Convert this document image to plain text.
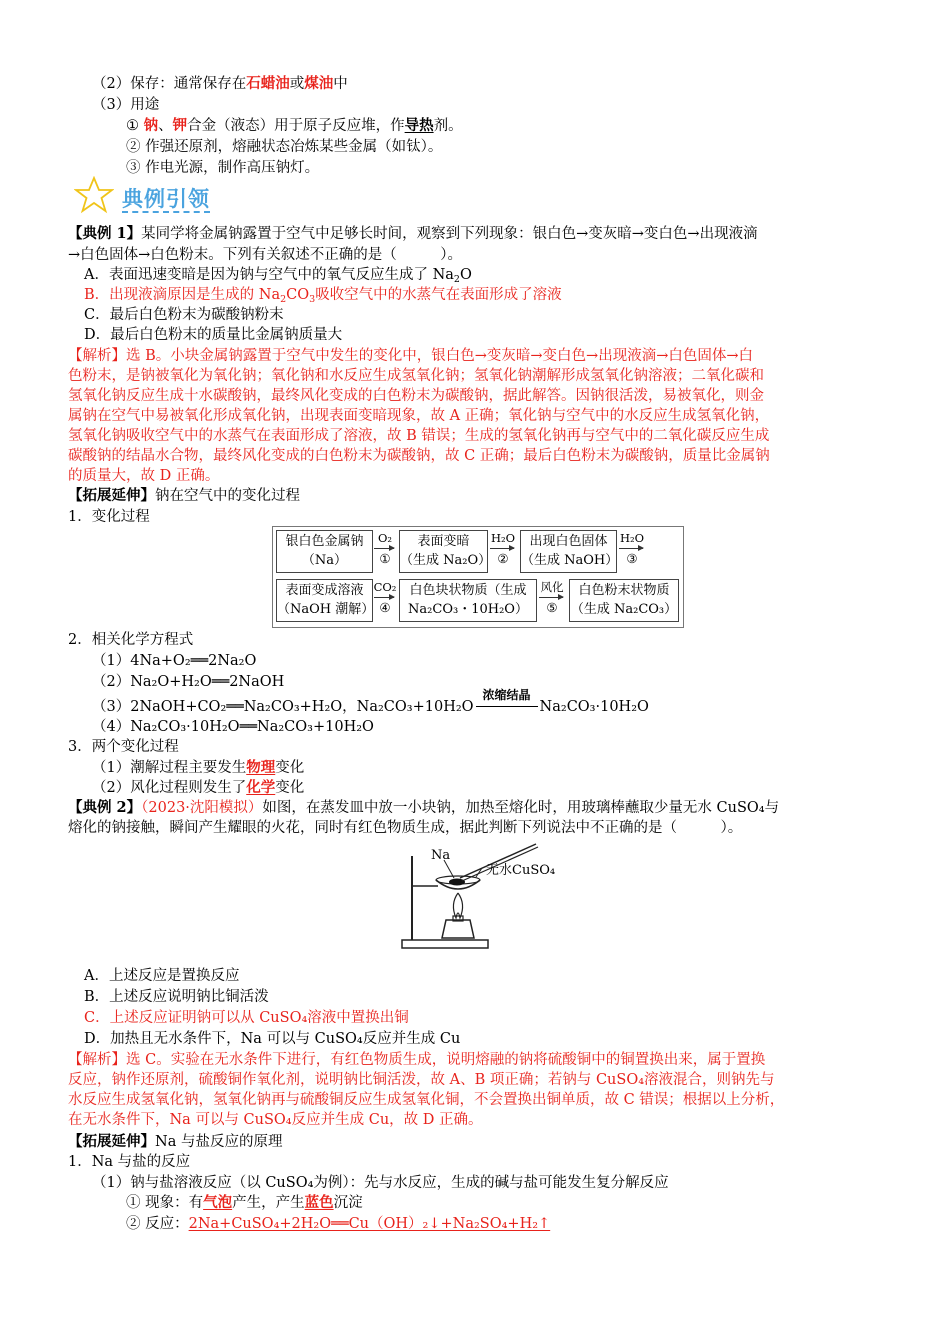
（2）保存：通常保存在石蜡油或煤油中
（3）用途
① 钠、钾合金（液态）用于原子反应堆，作导热剂。
② 作强还原剂，熔融状态冶炼某些金属（如钛）。
③ 作电光源，制作高压钠灯。
典例引领
【典例 1】某同学将金属钠露置于空气中足够长时间，观察到下列现象：银白色→变灰暗→变白色→出现液滴
→白色固体→白色粉末。下列有关叙述不正确的是（　　　）。
A．表面迅速变暗是因为钠与空气中的氧气反应生成了 $Na_2O$
B．出现液滴原因是生成的 $Na_2CO_3$吸收空气中的水蒸气在表面形成了溶液
C．最后白色粉末为碳酸钠粉末
D．最后白色粉末的质量比金属钠质量大
【解析】选 B。小块金属钠露置于空气中发生的变化中，银白色→变灰暗→变白色→出现液滴→白色固体→白
色粉末，是钠被氧化为氧化钠；氧化钠和水反应生成氢氧化钠；氢氧化钠潮解形成氢氧化钠溶液；二氧化碳和
氢氧化钠反应生成十水碳酸钠，最终风化变成的白色粉末为碳酸钠，据此解答。因钠很活泼，易被氧化，则金
属钠在空气中易被氧化形成氧化钠，出现表面变暗现象，故 A 正确；氧化钠与空气中的水反应生成氢氧化钠，
氢氧化钠吸收空气中的水蒸气在表面形成了溶液，故 B 错误；生成的氢氧化钠再与空气中的二氧化碳反应生成
碳酸钠的结晶水合物，最终风化变成的白色粉末为碳酸钠，故 C 正确；最后白色粉末为碳酸钠，质量比金属钠
的质量大，故 D 正确。
【拓展延伸】钠在空气中的变化过程
1．变化过程
银白色金属钠
（Na）
O₂
①
表面变暗
（生成 Na₂O）
H₂O
②
出现白色固体
（生成 NaOH）
H₂O
③
表面变成溶液
（NaOH 潮解）
CO₂
④
白色块状物质（生成
Na₂CO₃・10H₂O）
风化
⑤
白色粉末状物质
（生成 Na₂CO₃）
2．相关化学方程式
（1）4Na+O₂══2Na₂O
（2）Na₂O+H₂O══2NaOH
（3）2NaOH+CO₂══Na₂CO₃+H₂O，Na₂CO₃+10H₂O
浓缩结晶
Na₂CO₃·10H₂O
（4）Na₂CO₃·10H₂O══Na₂CO₃+10H₂O
3．两个变化过程
（1）潮解过程主要发生物理变化
（2）风化过程则发生了化学变化
【典例 2】（2023·沈阳模拟）如图，在蒸发皿中放一小块钠，加热至熔化时，用玻璃棒蘸取少量无水 CuSO₄与
熔化的钠接触，瞬间产生耀眼的火花，同时有红色物质生成，据此判断下列说法中不正确的是（　　　）。
Na
无水CuSO₄
A．上述反应是置换反应
B．上述反应说明钠比铜活泼
C．上述反应证明钠可以从 CuSO₄溶液中置换出铜
D．加热且无水条件下，Na 可以与 CuSO₄反应并生成 Cu
【解析】选 C。实验在无水条件下进行，有红色物质生成，说明熔融的钠将硫酸铜中的铜置换出来，属于置换
反应，钠作还原剂，硫酸铜作氧化剂，说明钠比铜活泼，故 A、B 项正确；若钠与 CuSO₄溶液混合，则钠先与
水反应生成氢氧化钠，氢氧化钠再与硫酸铜反应生成氢氧化铜，不会置换出铜单质，故 C 错误；根据以上分析，
在无水条件下，Na 可以与 CuSO₄反应并生成 Cu，故 D 正确。
【拓展延伸】Na 与盐反应的原理
1．Na 与盐的反应
（1）钠与盐溶液反应（以 CuSO₄为例）：先与水反应，生成的碱与盐可能发生复分解反应
① 现象：有气泡产生，产生蓝色沉淀
② 反应：2Na+CuSO₄+2H₂O══Cu（OH）₂↓+Na₂SO₄+H₂↑
